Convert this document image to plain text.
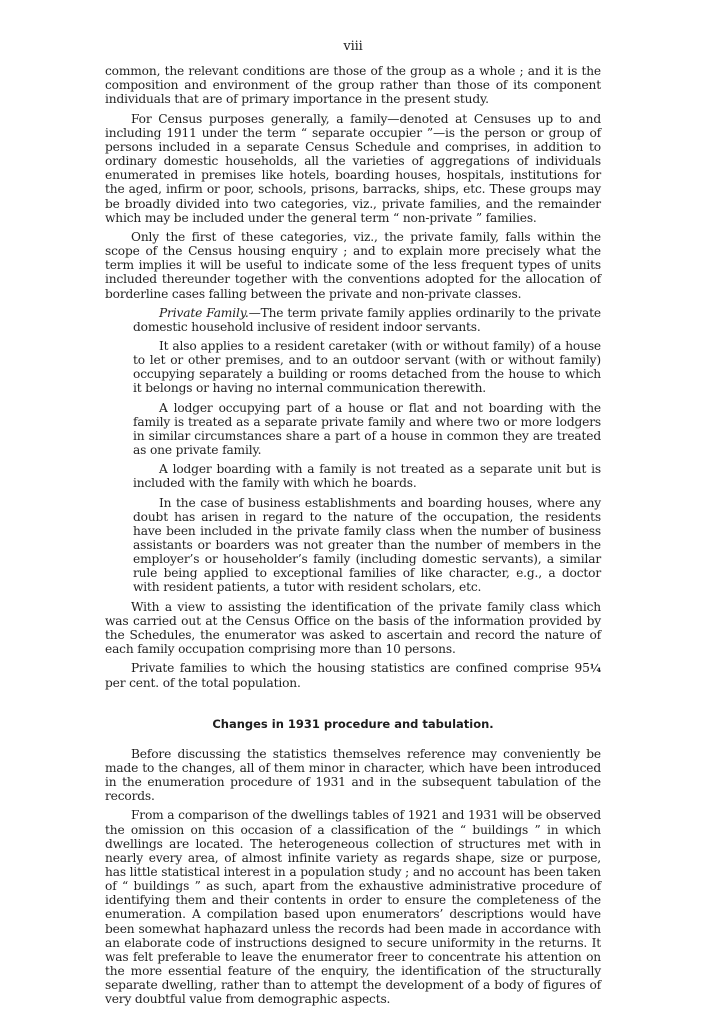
viii

common, the relevant conditions are those of the group as a whole ; and it is the composition and environment of the group rather than those of its component individuals that are of primary importance in the present study.

For Census purposes generally, a family—denoted at Censuses up to and including 1911 under the term “ separate occupier ”—is the person or group of persons included in a separate Census Schedule and comprises, in addition to ordinary domestic households, all the varieties of aggregations of individuals enumerated in premises like hotels, boarding houses, hospitals, institutions for the aged, infirm or poor, schools, prisons, barracks, ships, etc. These groups may be broadly divided into two categories, viz., private families, and the remainder which may be included under the general term “ non-private ” families.

Only the first of these categories, viz., the private family, falls within the scope of the Census housing enquiry ; and to explain more precisely what the term implies it will be useful to indicate some of the less frequent types of units included thereunder together with the conventions adopted for the allocation of borderline cases falling between the private and non-private classes.

Private Family.—The term private family applies ordinarily to the private domestic household inclusive of resident indoor servants.

It also applies to a resident caretaker (with or without family) of a house to let or other premises, and to an outdoor servant (with or without family) occupying separately a building or rooms detached from the house to which it belongs or having no internal communication therewith.

A lodger occupying part of a house or flat and not boarding with the family is treated as a separate private family and where two or more lodgers in similar circumstances share a part of a house in common they are treated as one private family.

A lodger boarding with a family is not treated as a separate unit but is included with the family with which he boards.

In the case of business establishments and boarding houses, where any doubt has arisen in regard to the nature of the occupation, the residents have been included in the private family class when the number of business assistants or boarders was not greater than the number of members in the employer’s or householder’s family (including domestic servants), a similar rule being applied to exceptional families of like character, e.g., a doctor with resident patients, a tutor with resident scholars, etc.

With a view to assisting the identification of the private family class which was carried out at the Census Office on the basis of the information provided by the Schedules, the enumerator was asked to ascertain and record the nature of each family occupation comprising more than 10 persons.

Private families to which the housing statistics are confined comprise 95¼ per cent. of the total population.

Changes in 1931 procedure and tabulation.

Before discussing the statistics themselves reference may conveniently be made to the changes, all of them minor in character, which have been introduced in the enumeration procedure of 1931 and in the subsequent tabulation of the records.

From a comparison of the dwellings tables of 1921 and 1931 will be observed the omission on this occasion of a classification of the “ buildings ” in which dwellings are located. The heterogeneous collection of structures met with in nearly every area, of almost infinite variety as regards shape, size or purpose, has little statistical interest in a population study ; and no account has been taken of “ buildings ” as such, apart from the exhaustive administrative procedure of identifying them and their contents in order to ensure the completeness of the enumeration. A compilation based upon enumerators’ descriptions would have been somewhat haphazard unless the records had been made in accordance with an elaborate code of instructions designed to secure uniformity in the returns. It was felt preferable to leave the enumerator freer to concentrate his attention on the more essential feature of the enquiry, the identification of the structurally separate dwelling, rather than to attempt the development of a body of figures of very doubtful value from demographic aspects.
